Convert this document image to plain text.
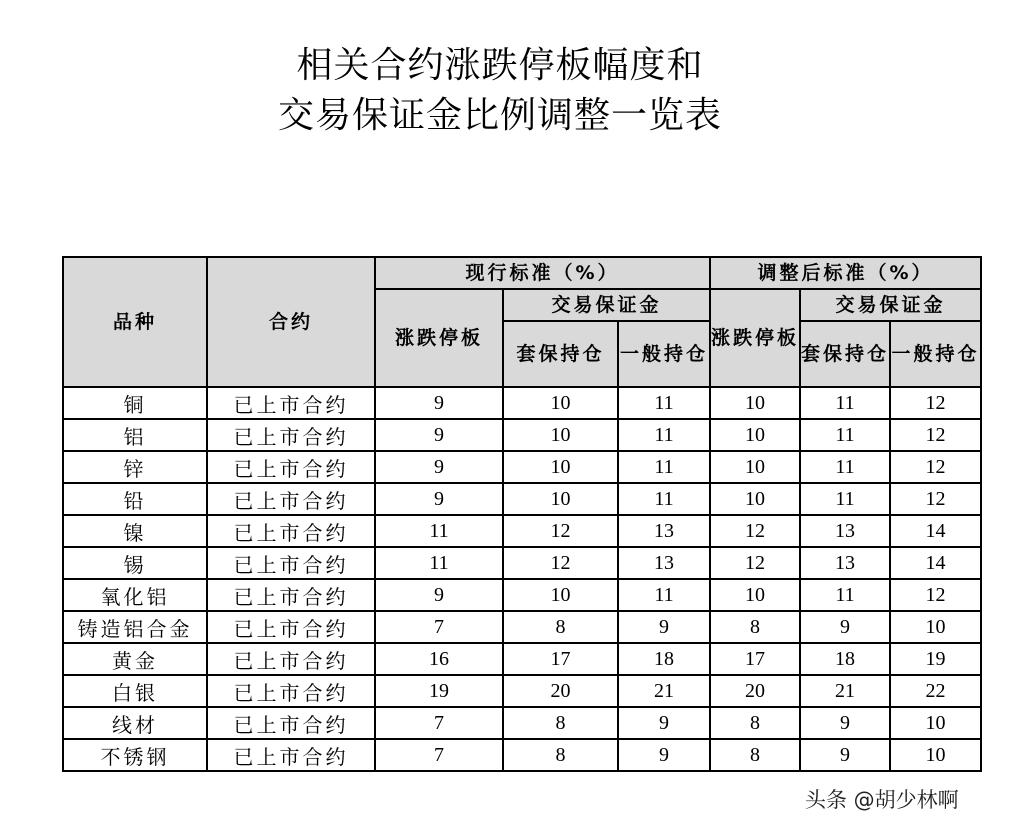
相关合约涨跌停板幅度和
交易保证金比例调整一览表
品种	合约	现行标准（%）			调整后标准（%）		
		涨跌停板	交易保证金		涨跌停板	交易保证金	
			套保持仓	一般持仓		套保持仓	一般持仓
铜	已上市合约	9	10	11	10	11	12
铝	已上市合约	9	10	11	10	11	12
锌	已上市合约	9	10	11	10	11	12
铅	已上市合约	9	10	11	10	11	12
镍	已上市合约	11	12	13	12	13	14
锡	已上市合约	11	12	13	12	13	14
氧化铝	已上市合约	9	10	11	10	11	12
铸造铝合金	已上市合约	7	8	9	8	9	10
黄金	已上市合约	16	17	18	17	18	19
白银	已上市合约	19	20	21	20	21	22
线材	已上市合约	7	8	9	8	9	10
不锈钢	已上市合约	7	8	9	8	9	10
头条 @胡少林啊
